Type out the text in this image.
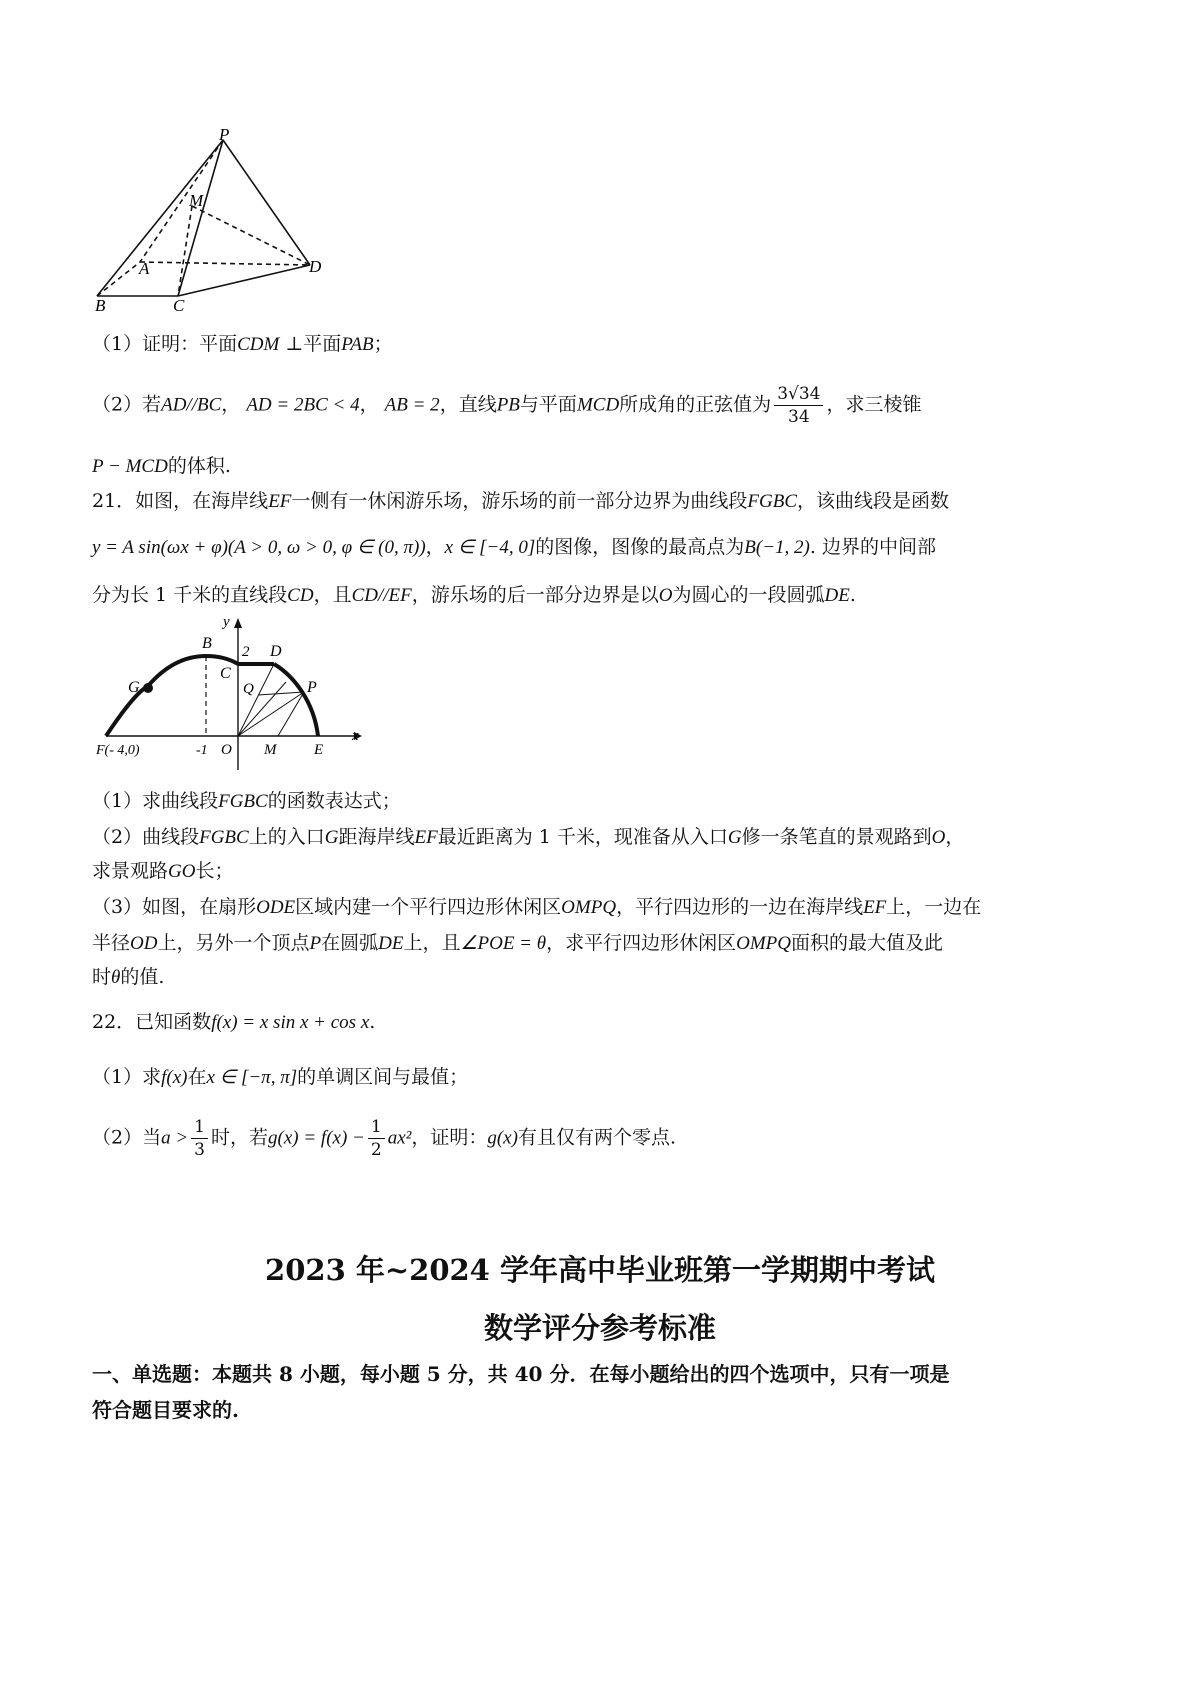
P
M
A	D
B	C
（1）证明：平面CDM ⊥平面PAB；
（2）若AD//BC， AD = 2BC < 4， AB = 2，直线PB与平面MCD所成角的正弦值为 $\frac{3√34}{34}$ ，求三棱锥
P − MCD的体积.
21．如图，在海岸线EF一侧有一休闲游乐场，游乐场的前一部分边界为曲线段FGBC，该曲线段是函数
y = A sin(ωx + φ)(A > 0, ω > 0, φ ∈ (0, π))，x ∈ [−4, 0]的图像，图像的最高点为B(−1, 2). 边界的中间部
分为长 1 千米的直线段CD，且CD//EF，游乐场的后一部分边界是以O为圆心的一段圆弧DE.
y
x
B 2 D
C
G	Q	P
F(- 4,0)	-1 O M	E
（1）求曲线段FGBC的函数表达式；
（2）曲线段FGBC上的入口G距海岸线EF最近距离为 1 千米，现准备从入口G修一条笔直的景观路到O，
求景观路GO长；
（3）如图，在扇形ODE区域内建一个平行四边形休闲区OMPQ，平行四边形的一边在海岸线EF上，一边在
半径OD上，另外一个顶点P在圆弧DE上，且∠POE = θ，求平行四边形休闲区OMPQ面积的最大值及此
时θ的值.
22．已知函数f(x) = x sin x + cos x.
（1）求f(x)在x ∈ [−π, π]的单调区间与最值；
（2）当$a > \frac{1}{3}$ 时，若$g(x) = f(x) - \frac{1}{2} ax^2$，证明：g(x)有且仅有两个零点.
2023 年~2024 学年高中毕业班第一学期期中考试
数学评分参考标准
一、单选题：本题共 8 小题，每小题 5 分，共 40 分．在每小题给出的四个选项中，只有一项是
符合题目要求的.
